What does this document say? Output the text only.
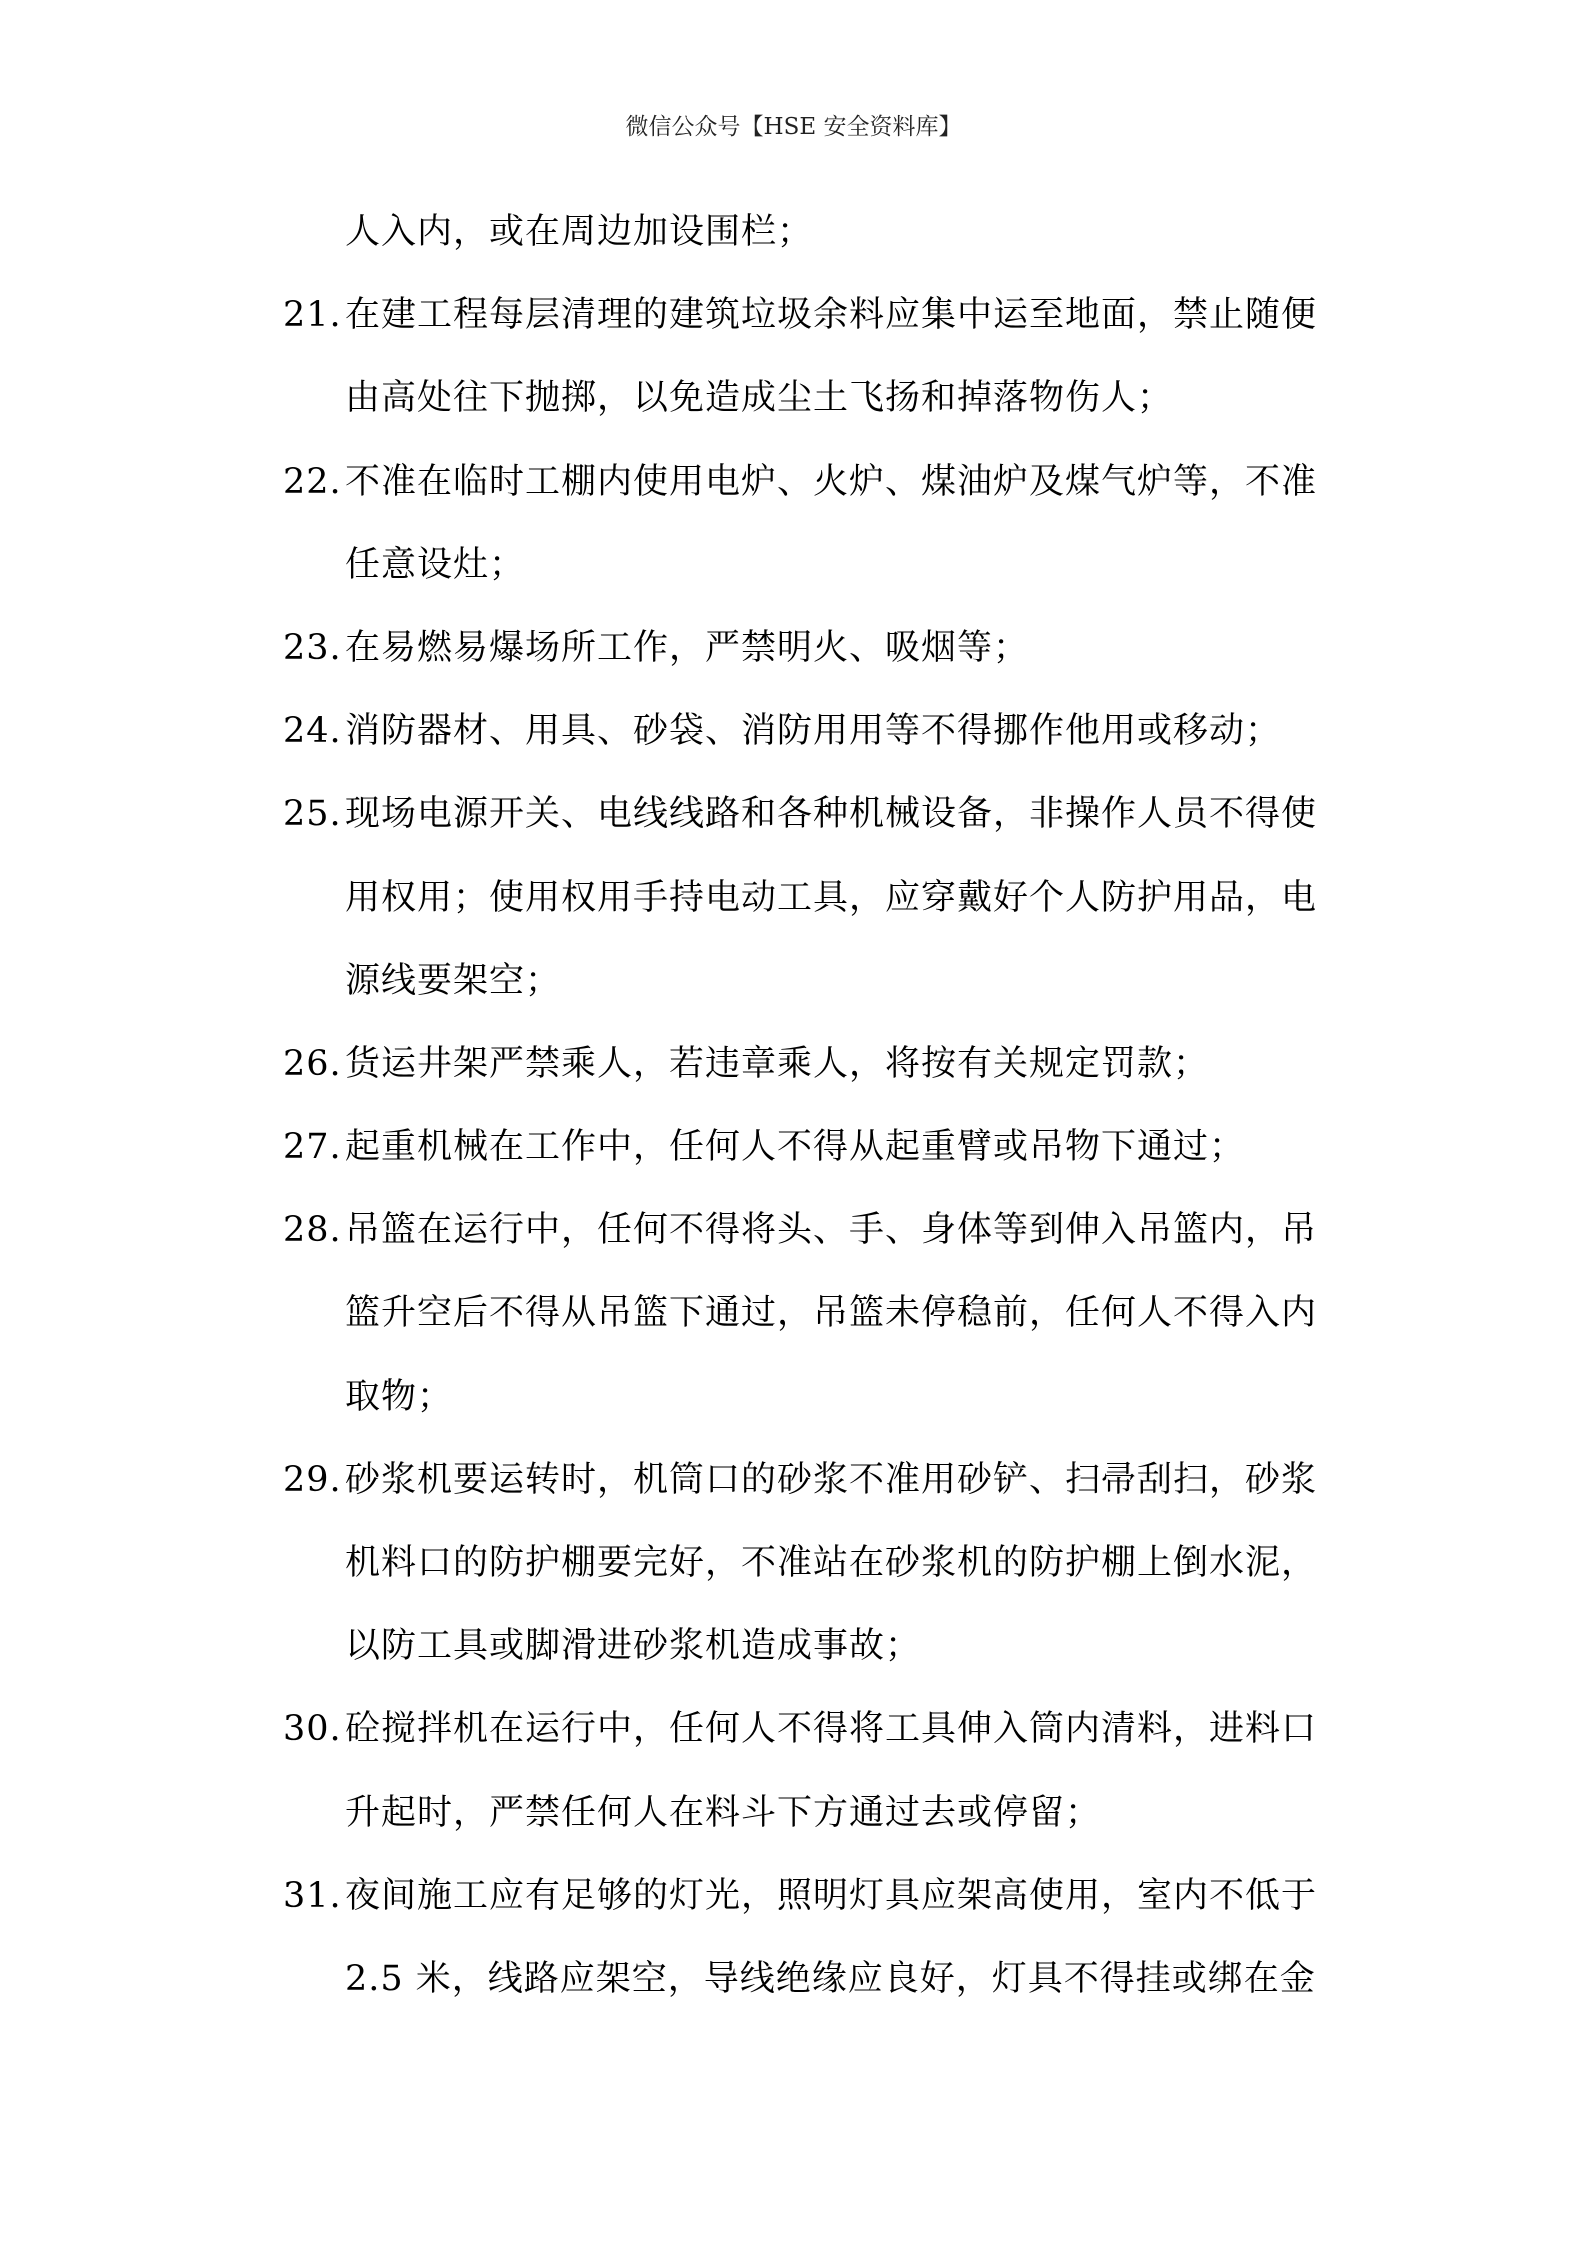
微信公众号【HSE 安全资料库】
人入内，或在周边加设围栏；
21. 在建工程每层清理的建筑垃圾余料应集中运至地面，禁止随便
由高处往下抛掷，以免造成尘土飞扬和掉落物伤人；
22. 不准在临时工棚内使用电炉、火炉、煤油炉及煤气炉等，不准
任意设灶；
23. 在易燃易爆场所工作，严禁明火、吸烟等；
24. 消防器材、用具、砂袋、消防用用等不得挪作他用或移动；
25. 现场电源开关、电线线路和各种机械设备，非操作人员不得使
用权用；使用权用手持电动工具，应穿戴好个人防护用品，电
源线要架空；
26. 货运井架严禁乘人，若违章乘人，将按有关规定罚款；
27. 起重机械在工作中，任何人不得从起重臂或吊物下通过；
28. 吊篮在运行中，任何不得将头、手、身体等到伸入吊篮内，吊
篮升空后不得从吊篮下通过，吊篮未停稳前，任何人不得入内
取物；
29. 砂浆机要运转时，机筒口的砂浆不准用砂铲、扫帚刮扫，砂浆
机料口的防护棚要完好，不准站在砂浆机的防护棚上倒水泥，
以防工具或脚滑进砂浆机造成事故；
30. 砼搅拌机在运行中，任何人不得将工具伸入筒内清料，进料口
升起时，严禁任何人在料斗下方通过去或停留；
31. 夜间施工应有足够的灯光，照明灯具应架高使用，室内不低于
2.5 米，线路应架空，导线绝缘应良好，灯具不得挂或绑在金
